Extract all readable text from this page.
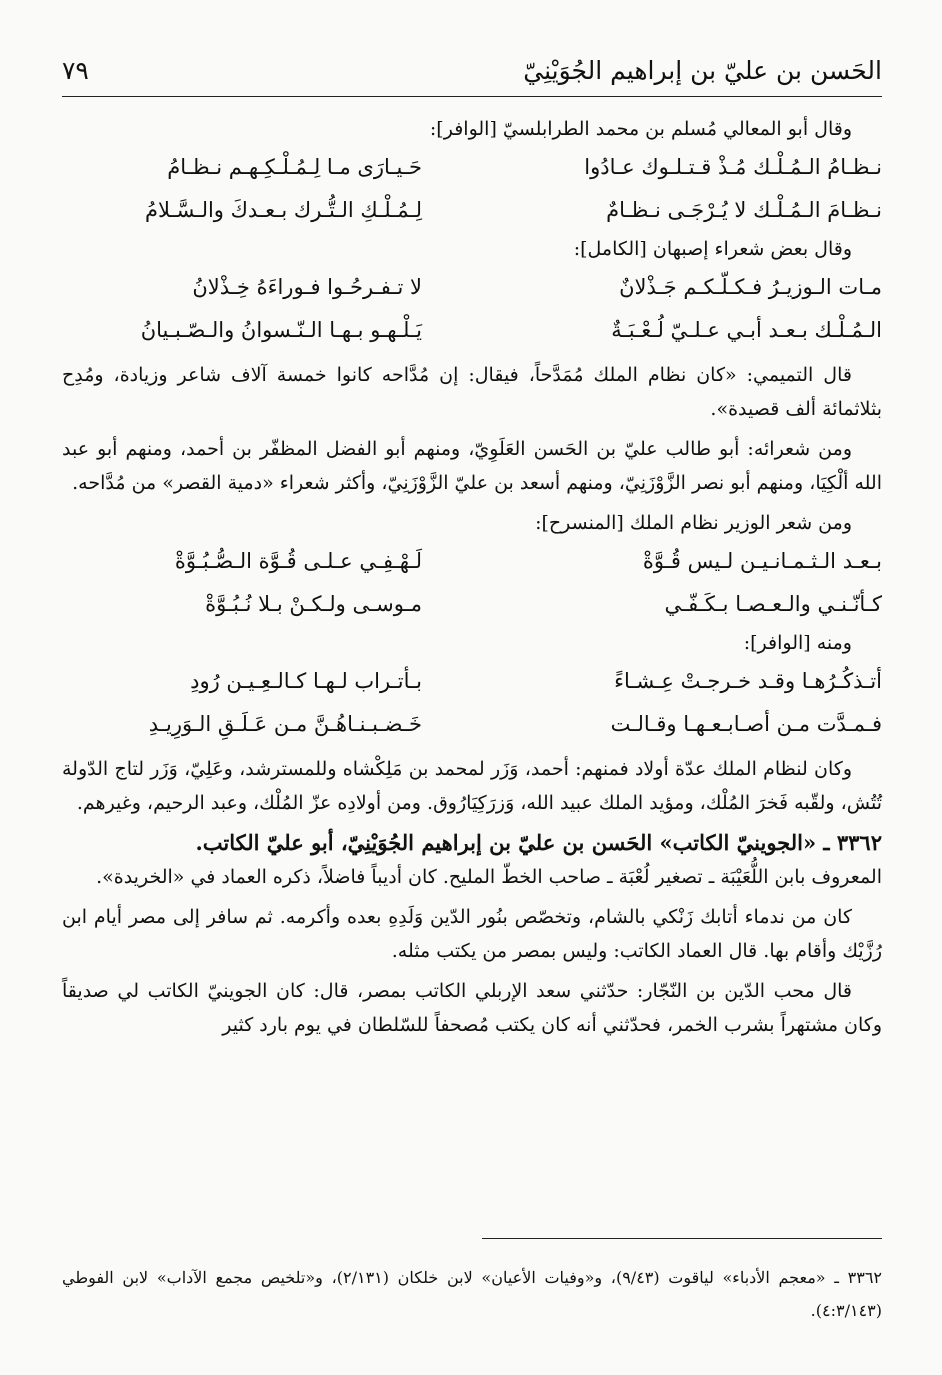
الحَسن بن عليّ بن إبراهيم الجُوَيْنِيّ
٧٩

وقال أبو المعالي مُسلم بن محمد الطرابلسيّ [الوافر]:

نـظـامُ الـمُـلْـك مُـذْ قـتـلـوك عـادُوا
حَـيـارَى مـا لِـمُـلْـكِـهـم نـظـامُ
نـظـامَ الـمُـلْـك لا يُـرْجَـى نـظـامٌ
لِـمُـلْـكِ الـتُّـرك بـعـدكَ والـسَّـلامُ

وقال بعض شعراء إصبهان [الكامل]:

مـات الـوزيـرُ فـكـلّـكـم جَـذْلانٌ
لا تـفـرحُـوا فـوراءَهُ خِـذْلانُ
الـمُـلْـك بـعـد أبـي عـلـيّ لُـعْـبَـةٌ
يَـلْـهـو بـهـا الـنّـسوانُ والـصّـبـيانُ

قال التميمي: «كان نظام الملك مُمَدَّحاً، فيقال: إن مُدَّاحه كانوا خمسة آلاف شاعر وزيادة، ومُدِح بثلاثمائة ألف قصيدة».

ومن شعرائه: أبو طالب عليّ بن الحَسن العَلَوِيّ، ومنهم أبو الفضل المظفّر بن أحمد، ومنهم أبو عبد الله ألْكِيَا، ومنهم أبو نصر الزَّوْزَنِيّ، ومنهم أسعد بن عليّ الزَّوْزَنِيّ، وأكثر شعراء «دمية القصر» من مُدَّاحه.

ومن شعر الوزير نظام الملك [المنسرح]:

بـعـد الـثـمـانـيـن لـيس قُـوَّةْ
لَـهْـفِـي عـلـى قُـوَّة الـصُّـبُـوَّةْ
كـأنّـنـي والـعـصـا بـكَـفّـي
مـوسـى ولـكـنْ بـلا نُـبُـوَّةْ

ومنه [الوافر]:

أتـذكُـرُهـا وقـد خـرجـتْ عِـشـاءً
بـأتـراب لـهـا كـالـعِـيـن رُودِ
فـمـدَّت مـن أصـابـعـهـا وقـالـت
خَـضـبـنـاهُـنَّ مـن عَـلَـقِ الـوَرِيـدِ

وكان لنظام الملك عدّة أولاد فمنهم: أحمد، وَزَر لمحمد بن مَلِكْشاه وللمسترشد، وعَلِيّ، وَزَر لتاج الدّولة تُتُش، ولقّبه فَخرَ المُلْك، ومؤيد الملك عبيد الله، وَزرَكِيَارُوق. ومن أولادِه عزّ المُلْك، وعبد الرحيم، وغيرهم.

٣٣٦٢ ـ «الجوينيّ الكاتب» الحَسن بن عليّ بن إبراهيم الجُوَيْنِيّ، أبو عليّ الكاتب.

المعروف بابن اللُّعَيْبَة ـ تصغير لُعْبَة ـ صاحب الخطّ المليح. كان أديباً فاضلاً، ذكره العماد في «الخريدة».

كان من ندماء أتابك زَنْكي بالشام، وتخصّص بنُور الدّين وَلَدِهِ بعده وأكرمه. ثم سافر إلى مصر أيام ابن رُزَّيْك وأقام بها. قال العماد الكاتب: وليس بمصر من يكتب مثله.

قال محب الدّين بن النّجّار: حدّثني سعد الإربلي الكاتب بمصر، قال: كان الجوينيّ الكاتب لي صديقاً وكان مشتهراً بشرب الخمر، فحدّثني أنه كان يكتب مُصحفاً للسّلطان في يوم بارد كثير

٣٣٦٢ ـ «معجم الأدباء» لياقوت (٩/٤٣)، و«وفيات الأعيان» لابن خلكان (٢/١٣١)، و«تلخيص مجمع الآداب» لابن الفوطي (٤:٣/١٤٣).
